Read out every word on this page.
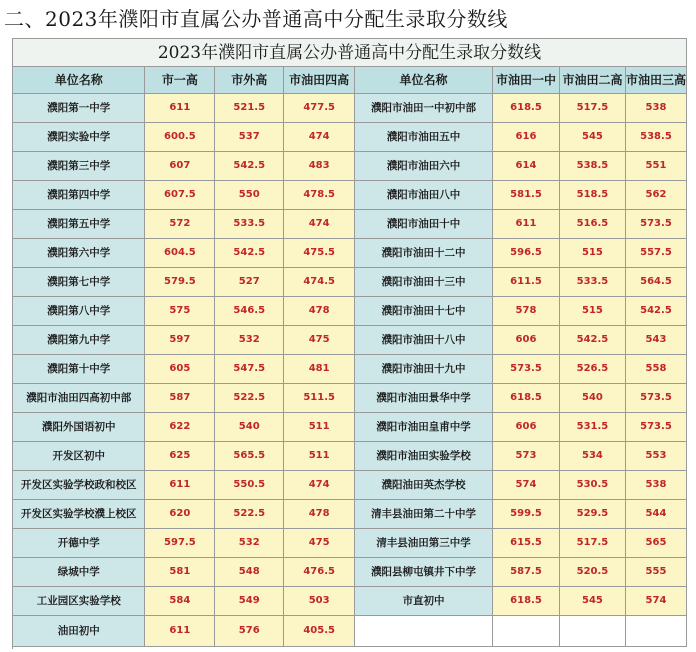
二、2023年濮阳市直属公办普通高中分配生录取分数线
2023年濮阳市直属公办普通高中分配生录取分数线
单位名称	市一高	市外高	市油田四高	单位名称	市油田一中	市油田二高	市油田三高
濮阳第一中学	611	521.5	477.5	濮阳市油田一中初中部	618.5	517.5	538
濮阳实验中学	600.5	537	474	濮阳市油田五中	616	545	538.5
濮阳第三中学	607	542.5	483	濮阳市油田六中	614	538.5	551
濮阳第四中学	607.5	550	478.5	濮阳市油田八中	581.5	518.5	562
濮阳第五中学	572	533.5	474	濮阳市油田十中	611	516.5	573.5
濮阳第六中学	604.5	542.5	475.5	濮阳市油田十二中	596.5	515	557.5
濮阳第七中学	579.5	527	474.5	濮阳市油田十三中	611.5	533.5	564.5
濮阳第八中学	575	546.5	478	濮阳市油田十七中	578	515	542.5
濮阳第九中学	597	532	475	濮阳市油田十八中	606	542.5	543
濮阳第十中学	605	547.5	481	濮阳市油田十九中	573.5	526.5	558
濮阳市油田四高初中部	587	522.5	511.5	濮阳市油田景华中学	618.5	540	573.5
濮阳外国语初中	622	540	511	濮阳市油田皇甫中学	606	531.5	573.5
开发区初中	625	565.5	511	濮阳市油田实验学校	573	534	553
开发区实验学校政和校区	611	550.5	474	濮阳油田英杰学校	574	530.5	538
开发区实验学校濮上校区	620	522.5	478	清丰县油田第二十中学	599.5	529.5	544
开德中学	597.5	532	475	清丰县油田第三中学	615.5	517.5	565
绿城中学	581	548	476.5	濮阳县柳屯镇井下中学	587.5	520.5	555
工业园区实验学校	584	549	503	市直初中	618.5	545	574
油田初中	611	576	405.5				
